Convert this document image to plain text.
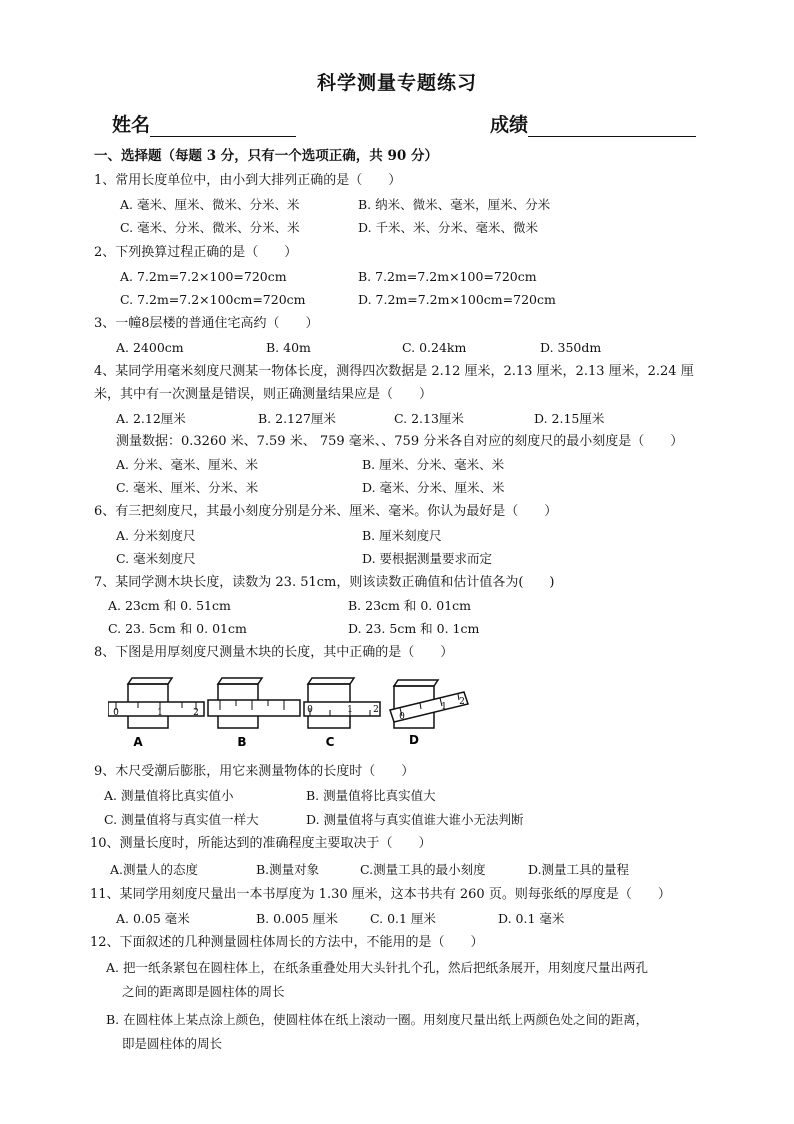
科学测量专题练习
姓名	成绩
一、选择题（每题 3 分，只有一个选项正确，共 90 分）
1、常用长度单位中，由小到大排列正确的是（　　）
A. 毫米、厘米、微米、分米、米	B. 纳米、微米、毫米，厘米、分米
C. 毫米、分米、微米、分米、米	D. 千米、米、分米、毫米、微米
2、下列换算过程正确的是（　　）
A. 7.2m=7.2×100=720cm	B. 7.2m=7.2m×100=720cm
C. 7.2m=7.2×100cm=720cm	D. 7.2m=7.2m×100cm=720cm
3、一幢8层楼的普通住宅高约（　　）
A. 2400cm	B. 40m	C. 0.24km	D. 350dm
4、某同学用毫米刻度尺测某一物体长度，测得四次数据是 2.12 厘米，2.13 厘米，2.13 厘米，2.24 厘
米，其中有一次测量是错误，则正确测量结果应是（　　）
A. 2.12厘米	B. 2.127厘米	C. 2.13厘米	D. 2.15厘米
测量数据：0.3260 米、7.59 米、 759 毫米、、759 分米各自对应的刻度尺的最小刻度是（　　）
A. 分米、毫米、厘米、米	B. 厘米、分米、毫米、米
C. 毫米、厘米、分米、米	D. 毫米、分米、厘米、米
6、有三把刻度尺，其最小刻度分别是分米、厘米、毫米。你认为最好是（　　）
A. 分米刻度尺	B. 厘米刻度尺
C. 毫米刻度尺	D. 要根据测量要求而定
7、某同学测木块长度，读数为 23. 51cm，则该读数正确值和估计值各为(　　)
A. 23cm 和 0. 51cm	B. 23cm 和 0. 01cm
C. 23. 5cm 和 0. 01cm	D. 23. 5cm 和 0. 1cm
8、下图是用厚刻度尺测量木块的长度，其中正确的是（　　）
0	1	2
A	B
0	1 2
C
0
1 2
D
9、木尺受潮后膨胀，用它来测量物体的长度时（　　）
A. 测量值将比真实值小	B. 测量值将比真实值大
C. 测量值将与真实值一样大	D. 测量值将与真实值谁大谁小无法判断
10、测量长度时，所能达到的准确程度主要取决于（　　）
A.测量人的态度	B.测量对象	C.测量工具的最小刻度	D.测量工具的量程
11、某同学用刻度尺量出一本书厚度为 1.30 厘米，这本书共有 260 页。则每张纸的厚度是（　　）
A. 0.05 毫米	B. 0.005 厘米	C. 0.1 厘米	D. 0.1 毫米
12、下面叙述的几种测量圆柱体周长的方法中，不能用的是（　　）
A. 把一纸条紧包在圆柱体上，在纸条重叠处用大头针扎个孔，然后把纸条展开，用刻度尺量出两孔
之间的距离即是圆柱体的周长
B. 在圆柱体上某点涂上颜色，使圆柱体在纸上滚动一圈。用刻度尺量出纸上两颜色处之间的距离，
即是圆柱体的周长
